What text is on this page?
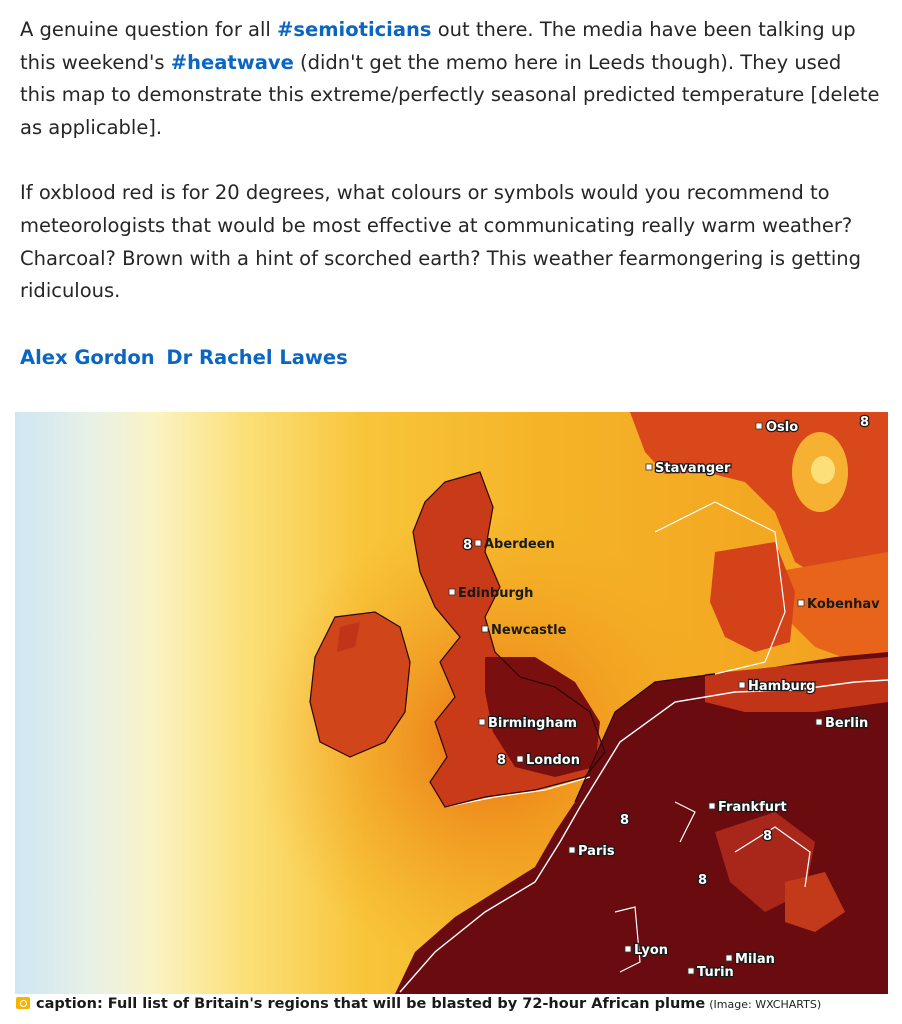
A genuine question for all #semioticians out there. The media have been talking up this weekend's #heatwave (didn't get the memo here in Leeds though). They used this map to demonstrate this extreme/perfectly seasonal predicted temperature [delete as applicable].

If oxblood red is for 20 degrees, what colours or symbols would you recommend to meteorologists that would be most effective at communicating really warm weather? Charcoal? Brown with a hint of scorched earth? This weather fearmongering is getting ridiculous.

Alex Gordon Dr Rachel Lawes
Oslo
Stavanger
Aberdeen
Edinburgh
Kobenhav
Newcastle
Hamburg
Birmingham	Berlin
London
Frankfurt
Paris
Lyon
Milan
Turin
8
8
8
8
8
8
caption: Full list of Britain's regions that will be blasted by 72-hour African plume (Image: WXCHARTS)
